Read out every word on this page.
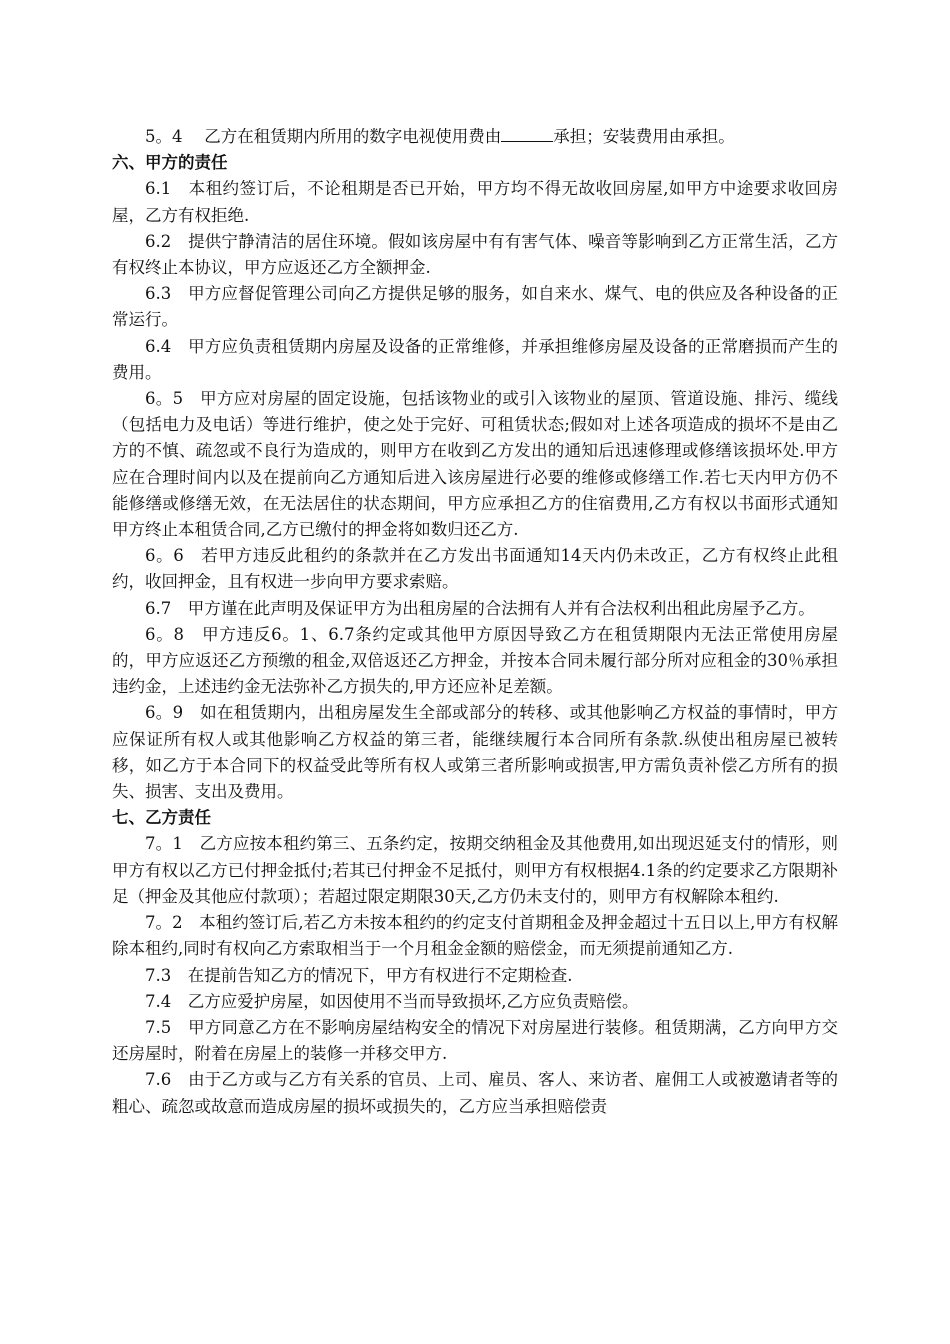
5。4　 乙方在租赁期内所用的数字电视使用费由	承担；安装费用由承担。

六、甲方的责任

6.1　本租约签订后，不论租期是否已开始，甲方均不得无故收回房屋,如甲方中途要求收回房屋，乙方有权拒绝.

6.2　提供宁静清洁的居住环境。假如该房屋中有有害气体、噪音等影响到乙方正常生活，乙方有权终止本协议，甲方应返还乙方全额押金.

6.3　甲方应督促管理公司向乙方提供足够的服务，如自来水、煤气、电的供应及各种设备的正常运行。

6.4　甲方应负责租赁期内房屋及设备的正常维修，并承担维修房屋及设备的正常磨损而产生的费用。

6。5　甲方应对房屋的固定设施，包括该物业的或引入该物业的屋顶、管道设施、排污、缆线（包括电力及电话）等进行维护，使之处于完好、可租赁状态;假如对上述各项造成的损坏不是由乙方的不慎、疏忽或不良行为造成的，则甲方在收到乙方发出的通知后迅速修理或修缮该损坏处.甲方应在合理时间内以及在提前向乙方通知后进入该房屋进行必要的维修或修缮工作.若七天内甲方仍不能修缮或修缮无效，在无法居住的状态期间，甲方应承担乙方的住宿费用,乙方有权以书面形式通知甲方终止本租赁合同,乙方已缴付的押金将如数归还乙方.

6。6　若甲方违反此租约的条款并在乙方发出书面通知14天内仍未改正，乙方有权终止此租约，收回押金，且有权进一步向甲方要求索赔。

6.7　甲方谨在此声明及保证甲方为出租房屋的合法拥有人并有合法权利出租此房屋予乙方。

6。8　甲方违反6。1、6.7条约定或其他甲方原因导致乙方在租赁期限内无法正常使用房屋的，甲方应返还乙方预缴的租金,双倍返还乙方押金，并按本合同未履行部分所对应租金的30％承担违约金，上述违约金无法弥补乙方损失的,甲方还应补足差额。

6。9　如在租赁期内，出租房屋发生全部或部分的转移、或其他影响乙方权益的事情时，甲方应保证所有权人或其他影响乙方权益的第三者，能继续履行本合同所有条款.纵使出租房屋已被转移，如乙方于本合同下的权益受此等所有权人或第三者所影响或损害,甲方需负责补偿乙方所有的损失、损害、支出及费用。

七、乙方责任

7。1　乙方应按本租约第三、五条约定，按期交纳租金及其他费用,如出现迟延支付的情形，则甲方有权以乙方已付押金抵付;若其已付押金不足抵付，则甲方有权根据4.1条的约定要求乙方限期补足（押金及其他应付款项）；若超过限定期限30天,乙方仍未支付的，则甲方有权解除本租约.

7。2　本租约签订后,若乙方未按本租约的约定支付首期租金及押金超过十五日以上,甲方有权解除本租约,同时有权向乙方索取相当于一个月租金金额的赔偿金，而无须提前通知乙方.

7.3　在提前告知乙方的情况下，甲方有权进行不定期检查.

7.4　乙方应爱护房屋，如因使用不当而导致损坏,乙方应负责赔偿。

7.5　甲方同意乙方在不影响房屋结构安全的情况下对房屋进行装修。租赁期满，乙方向甲方交还房屋时，附着在房屋上的装修一并移交甲方.

7.6　由于乙方或与乙方有关系的官员、上司、雇员、客人、来访者、雇佣工人或被邀请者等的粗心、疏忽或故意而造成房屋的损坏或损失的，乙方应当承担赔偿责
